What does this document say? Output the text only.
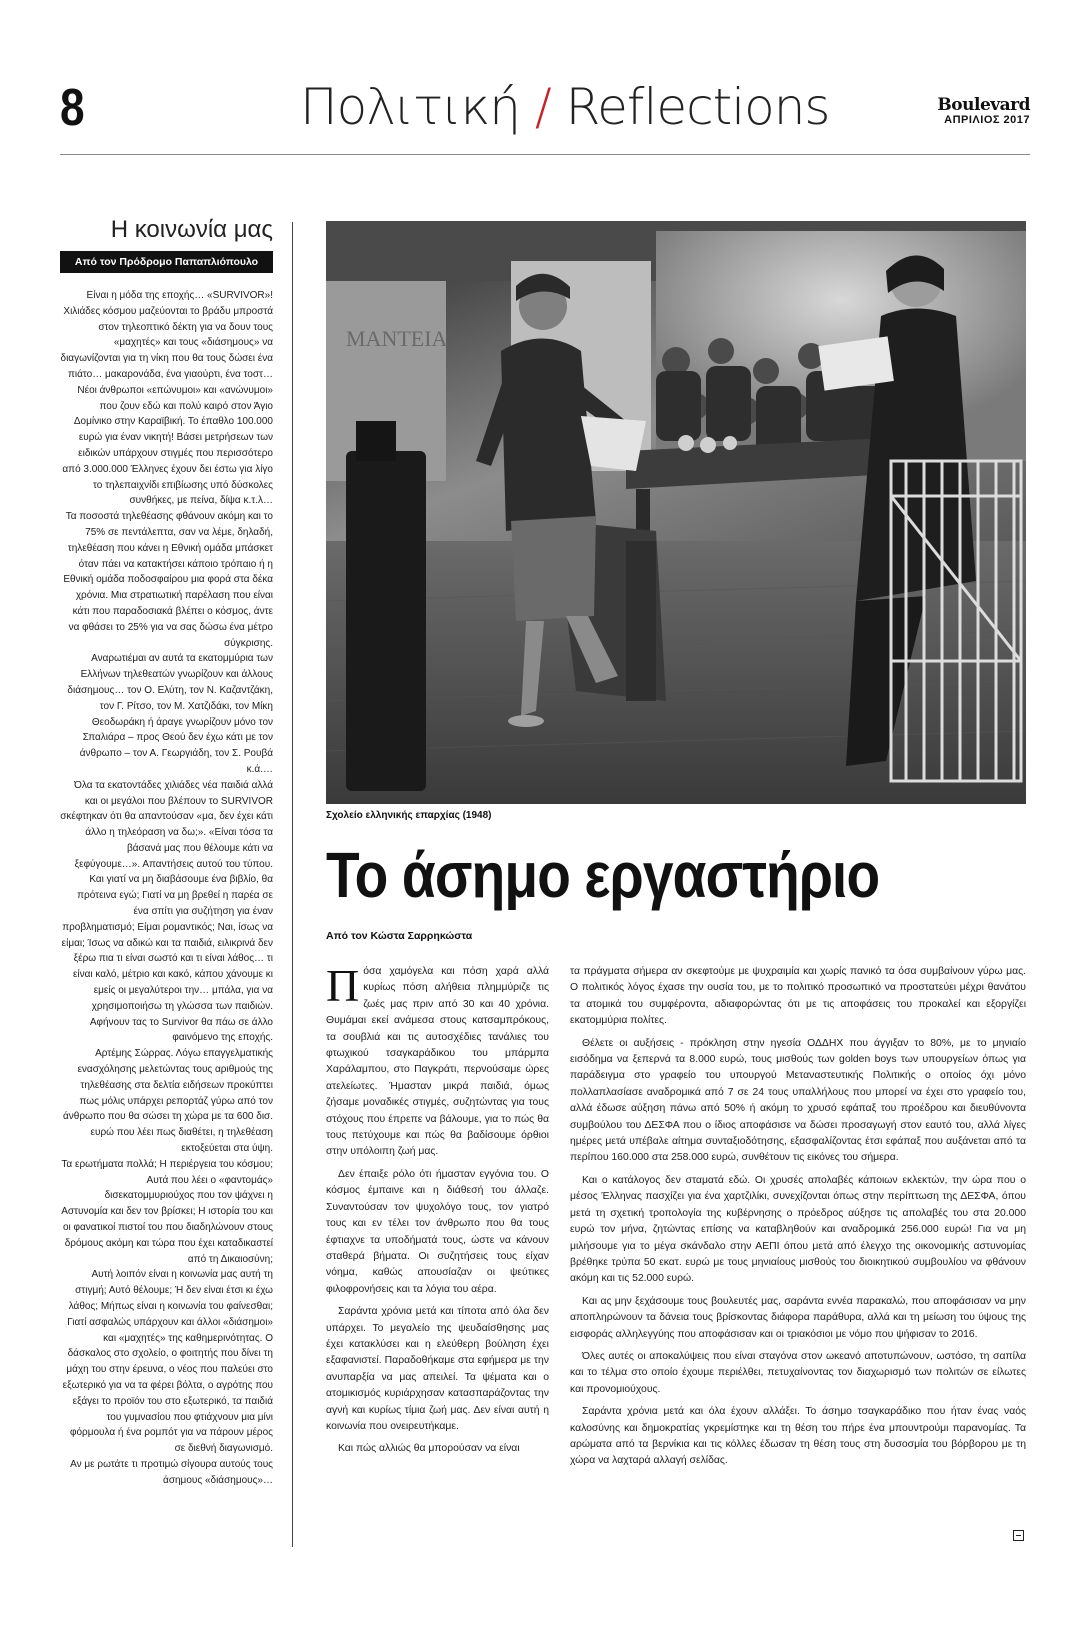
8	Πολιτική / Reflections	Boulevard
ΑΠΡΙΛΙΟΣ 2017
Η κοινωνία μας
Από τον Πρόδρομο Παπαπλιόπουλο

Είναι η μόδα της εποχής… «SURVIVOR»! Χιλιάδες κόσμου μαζεύονται το βράδυ μπροστά στον τηλεοπτικό δέκτη για να δουν τους «μαχητές» και τους «διάσημους» να διαγωνίζονται για τη νίκη που θα τους δώσει ένα πιάτο… μακαρονάδα, ένα γιαούρτι, ένα τοστ…

Νέοι άνθρωποι «επώνυμοι» και «ανώνυμοι» που ζουν εδώ και πολύ καιρό στον Άγιο Δομίνικο στην Καραϊβική. Το έπαθλο 100.000 ευρώ για έναν νικητή! Βάσει μετρήσεων των ειδικών υπάρχουν στιγμές που περισσότερο από 3.000.000 Έλληνες έχουν δει έστω για λίγο το τηλεπαιχνίδι επιβίωσης υπό δύσκολες συνθήκες, με πείνα, δίψα κ.τ.λ…

Τα ποσοστά τηλεθέασης φθάνουν ακόμη και το 75% σε πεντάλεπτα, σαν να λέμε, δηλαδή, τηλεθέαση που κάνει η Εθνική ομάδα μπάσκετ όταν πάει να κατακτήσει κάποιο τρόπαιο ή η Εθνική ομάδα ποδοσφαίρου μια φορά στα δέκα χρόνια. Μια στρατιωτική παρέλαση που είναι κάτι που παραδοσιακά βλέπει ο κόσμος, άντε να φθάσει το 25% για να σας δώσω ένα μέτρο σύγκρισης.

Αναρωτιέμαι αν αυτά τα εκατομμύρια των Ελλήνων τηλεθεατών γνωρίζουν και άλλους διάσημους… τον Ο. Ελύτη, τον Ν. Καζαντζάκη, τον Γ. Ρίτσο, τον Μ. Χατζιδάκι, τον Μίκη Θεοδωράκη ή άραγε γνωρίζουν μόνο τον Σπαλιάρα – προς Θεού δεν έχω κάτι με τον άνθρωπο – τον Α. Γεωργιάδη, τον Σ. Ρουβά κ.ά.…

Όλα τα εκατοντάδες χιλιάδες νέα παιδιά αλλά και οι μεγάλοι που βλέπουν το SURVIVOR σκέφτηκαν ότι θα απαντούσαν «μα, δεν έχει κάτι άλλο η τηλεόραση να δω;». «Είναι τόσα τα βάσανά μας που θέλουμε κάτι να ξεφύγουμε…». Απαντήσεις αυτού του τύπου. Και γιατί να μη διαβάσουμε ένα βιβλίο, θα πρότεινα εγώ; Γιατί να μη βρεθεί η παρέα σε ένα σπίτι για συζήτηση για έναν προβληματισμό; Είμαι ρομαντικός; Ναι, ίσως να είμαι; Ίσως να αδικώ και τα παιδιά, ειλικρινά δεν ξέρω πια τι είναι σωστό και τι είναι λάθος… τι είναι καλό, μέτριο και κακό, κάπου χάνουμε κι εμείς οι μεγαλύτεροι την… μπάλα, για να χρησιμοποιήσω τη γλώσσα των παιδιών.

Αφήνουν τας το Survivor θα πάω σε άλλο φαινόμενο της εποχής.

Αρτέμης Σώρρας. Λόγω επαγγελματικής ενασχόλησης μελετώντας τους αριθμούς της τηλεθέασης στα δελτία ειδήσεων προκύπτει πως μόλις υπάρχει ρεπορτάζ γύρω από τον άνθρωπο που θα σώσει τη χώρα με τα 600 δισ. ευρώ που λέει πως διαθέτει, η τηλεθέαση εκτοξεύεται στα ύψη.

Τα ερωτήματα πολλά; Η περιέργεια του κόσμου; Αυτά που λέει ο «φαντομάς» δισεκατομμυριούχος που τον ψάχνει η Αστυνομία και δεν τον βρίσκει; Η ιστορία του και οι φανατικοί πιστοί του που διαδηλώνουν στους δρόμους ακόμη και τώρα που έχει καταδικαστεί από τη Δικαιοσύνη;

Αυτή λοιπόν είναι η κοινωνία μας αυτή τη στιγμή; Αυτό θέλουμε; Ή δεν είναι έτσι κι έχω λάθος; Μήπως είναι η κοινωνία του φαίνεσθαι; Γιατί ασφαλώς υπάρχουν και άλλοι «διάσημοι» και «μαχητές» της καθημερινότητας. Ο δάσκαλος στο σχολείο, ο φοιτητής που δίνει τη μάχη του στην έρευνα, ο νέος που παλεύει στο εξωτερικό για να τα φέρει βόλτα, ο αγρότης που εξάγει το προϊόν του στο εξωτερικό, τα παιδιά του γυμνασίου που φτιάχνουν μια μίνι φόρμουλα ή ένα ρομπότ για να πάρουν μέρος σε διεθνή διαγωνισμό.

Αν με ρωτάτε τι προτιμώ σίγουρα αυτούς τους άσημους «διάσημους»…

ΜΑΝΤΕΙΑ
Σχολείο ελληνικής επαρχίας (1948)
Το άσημο εργαστήριο
Από τον Κώστα Σαρρηκώστα

Πόσα χαμόγελα και πόση χαρά αλλά κυρίως πόση αλήθεια πλημμύριζε τις ζωές μας πριν από 30 και 40 χρόνια. Θυμάμαι εκεί ανάμεσα στους κατσαμπρόκους, τα σουβλιά και τις αυτοσχέδιες τανάλιες του φτωχικού τσαγκαράδικου του μπάρμπα Χαράλαμπου, στο Παγκράτι, περνούσαμε ώρες ατελείωτες. Ήμασταν μικρά παιδιά, όμως ζήσαμε μοναδικές στιγμές, συζητώντας για τους στόχους που έπρεπε να βάλουμε, για το πώς θα τους πετύχουμε και πώς θα βαδίσουμε όρθιοι στην υπόλοιπη ζωή μας.

Δεν έπαιξε ρόλο ότι ήμασταν εγγόνια του. Ο κόσμος έμπαινε και η διάθεσή του άλλαζε. Συναντούσαν τον ψυχολόγο τους, τον γιατρό τους και εν τέλει τον άνθρωπο που θα τους έφτιαχνε τα υποδήματά τους, ώστε να κάνουν σταθερά βήματα. Οι συζητήσεις τους είχαν νόημα, καθώς απουσίαζαν οι ψεύτικες φιλοφρονήσεις και τα λόγια του αέρα.

Σαράντα χρόνια μετά και τίποτα από όλα δεν υπάρχει. Το μεγαλείο της ψευδαίσθησης μας έχει κατακλύσει και η ελεύθερη βούληση έχει εξαφανιστεί. Παραδοθήκαμε στα εφήμερα με την ανυπαρξία να μας απειλεί. Τα ψέματα και ο ατομικισμός κυριάρχησαν κατασπαράζοντας την αγνή και κυρίως τίμια ζωή μας. Δεν είναι αυτή η κοινωνία που ονειρευτήκαμε.

Και πώς αλλιώς θα μπορούσαν να είναι

τα πράγματα σήμερα αν σκεφτούμε με ψυχραιμία και χωρίς πανικό τα όσα συμβαίνουν γύρω μας. Ο πολιτικός λόγος έχασε την ουσία του, με το πολιτικό προσωπικό να προστατεύει μέχρι θανάτου τα ατομικά του συμφέροντα, αδιαφορώντας ότι με τις αποφάσεις του προκαλεί και εξοργίζει εκατομμύρια πολίτες.

Θέλετε οι αυξήσεις - πρόκληση στην ηγεσία ΟΔΔΗΧ που άγγιξαν το 80%, με το μηνιαίο εισόδημα να ξεπερνά τα 8.000 ευρώ, τους μισθούς των golden boys των υπουργείων όπως για παράδειγμα στο γραφείο του υπουργού Μεταναστευτικής Πολιτικής ο οποίος όχι μόνο πολλαπλασίασε αναδρομικά από 7 σε 24 τους υπαλλήλους που μπορεί να έχει στο γραφείο του, αλλά έδωσε αύξηση πάνω από 50% ή ακόμη το χρυσό εφάπαξ του προέδρου και διευθύνοντα συμβούλου του ΔΕΣΦΑ που ο ίδιος αποφάσισε να δώσει προσαγωγή στον εαυτό του, αλλά λίγες ημέρες μετά υπέβαλε αίτημα συνταξιοδότησης, εξασφαλίζοντας έτσι εφάπαξ που αυξάνεται από τα περίπου 160.000 στα 258.000 ευρώ, συνθέτουν τις εικόνες του σήμερα.

Και ο κατάλογος δεν σταματά εδώ. Οι χρυσές απολαβές κάποιων εκλεκτών, την ώρα που ο μέσος Έλληνας πασχίζει για ένα χαρτζιλίκι, συνεχίζονται όπως στην περίπτωση της ΔΕΣΦΑ, όπου μετά τη σχετική τροπολογία της κυβέρνησης ο πρόεδρος αύξησε τις απολαβές του στα 20.000 ευρώ τον μήνα, ζητώντας επίσης να καταβληθούν και αναδρομικά 256.000 ευρώ! Για να μη μιλήσουμε για το μέγα σκάνδαλο στην ΑΕΠΙ όπου μετά από έλεγχο της οικονομικής αστυνομίας βρέθηκε τρύπα 50 εκατ. ευρώ με τους μηνιαίους μισθούς του διοικητικού συμβουλίου να φθάνουν ακόμη και τις 52.000 ευρώ.

Και ας μην ξεχάσουμε τους βουλευτές μας, σαράντα εννέα παρακαλώ, που αποφάσισαν να μην αποπληρώνουν τα δάνεια τους βρίσκοντας διάφορα παράθυρα, αλλά και τη μείωση του ύψους της εισφοράς αλληλεγγύης που αποφάσισαν και οι τριακόσιοι με νόμο που ψήφισαν το 2016.

Όλες αυτές οι αποκαλύψεις που είναι σταγόνα στον ωκεανό αποτυπώνουν, ωστόσο, τη σαπίλα και το τέλμα στο οποίο έχουμε περιέλθει, πετυχαίνοντας τον διαχωρισμό των πολιτών σε είλωτες και προνομιούχους.

Σαράντα χρόνια μετά και όλα έχουν αλλάξει. Το άσημο τσαγκαράδικο που ήταν ένας ναός καλοσύνης και δημοκρατίας γκρεμίστηκε και τη θέση του πήρε ένα μπουντρούμι παρανομίας. Τα αρώματα από τα βερνίκια και τις κόλλες έδωσαν τη θέση τους στη δυσοσμία του βόρβορου με τη χώρα να λαχταρά αλλαγή σελίδας.
